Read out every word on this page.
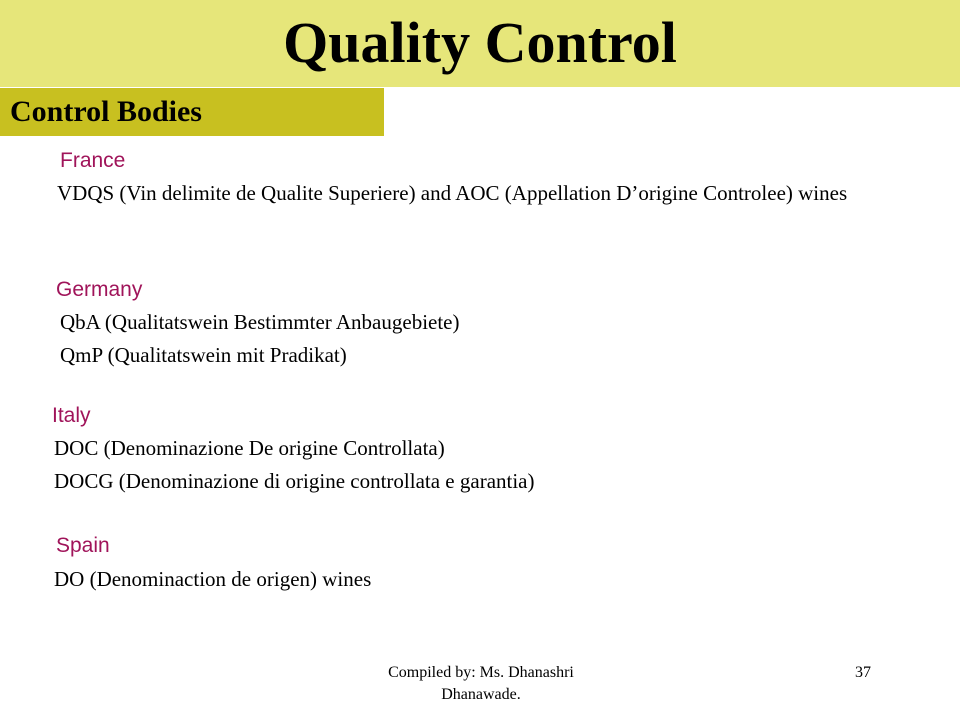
Quality Control
Control Bodies

France

VDQS (Vin delimite de Qualite Superiere) and AOC (Appellation D’origine Controlee) wines

Germany

QbA (Qualitatswein Bestimmter Anbaugebiete)

QmP (Qualitatswein mit Pradikat)

Italy

DOC (Denominazione De origine Controllata)

DOCG (Denominazione di origine controllata e garantia)

Spain

DO (Denominaction de origen) wines

Compiled by: Ms. Dhanashri Dhanawade.
37
